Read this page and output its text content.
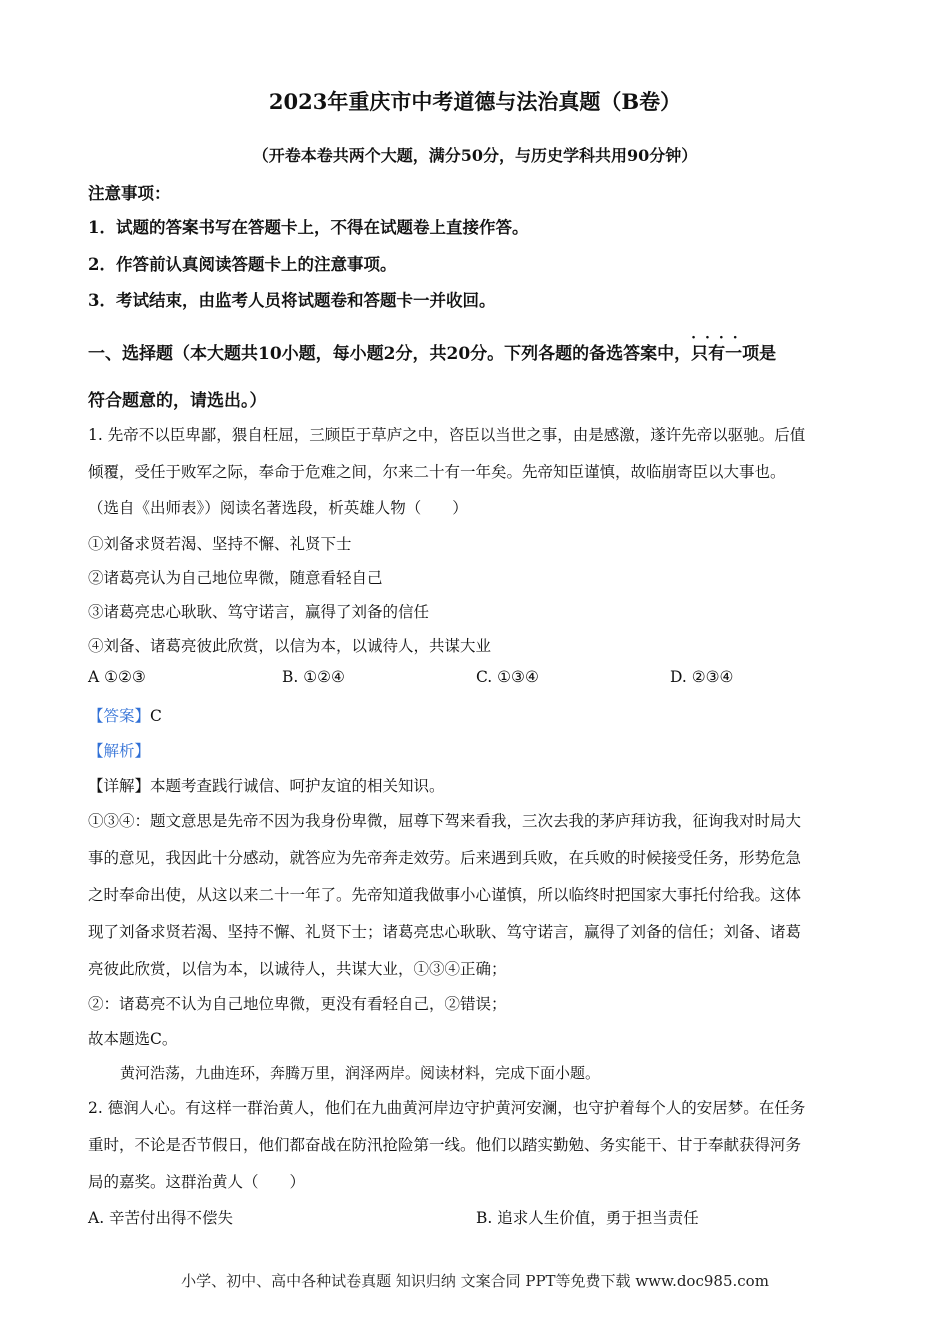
2023年重庆市中考道德与法治真题（B卷）
（开卷本卷共两个大题，满分50分，与历史学科共用90分钟）
注意事项：
1．试题的答案书写在答题卡上，不得在试题卷上直接作答。
2．作答前认真阅读答题卡上的注意事项。
3．考试结束，由监考人员将试题卷和答题卡一并收回。
一、选择题（本大题共10小题，每小题2分，共20分。下列各题的备选答案中，
····
只有一项是
符合题意的，请选出。）
1. 先帝不以臣卑鄙，猥自枉屈，三顾臣于草庐之中，咨臣以当世之事，由是感激，遂许先帝以驱驰。后值
倾覆，受任于败军之际，奉命于危难之间，尔来二十有一年矣。先帝知臣谨慎，故临崩寄臣以大事也。
（选自《出师表》）阅读名著选段，析英雄人物（　　）
①刘备求贤若渴、坚持不懈、礼贤下士
②诸葛亮认为自己地位卑微，随意看轻自己
③诸葛亮忠心耿耿、笃守诺言，赢得了刘备的信任
④刘备、诸葛亮彼此欣赏，以信为本，以诚待人，共谋大业
A ①②③	B. ①②④	C. ①③④	D. ②③④
【答案】C
【解析】
【详解】本题考查践行诚信、呵护友谊的相关知识。
①③④：题文意思是先帝不因为我身份卑微，屈尊下驾来看我，三次去我的茅庐拜访我，征询我对时局大
事的意见，我因此十分感动，就答应为先帝奔走效劳。后来遇到兵败，在兵败的时候接受任务，形势危急
之时奉命出使，从这以来二十一年了。先帝知道我做事小心谨慎，所以临终时把国家大事托付给我。这体
现了刘备求贤若渴、坚持不懈、礼贤下士；诸葛亮忠心耿耿、笃守诺言，赢得了刘备的信任；刘备、诸葛
亮彼此欣赏，以信为本，以诚待人，共谋大业，①③④正确；
②：诸葛亮不认为自己地位卑微，更没有看轻自己，②错误；
故本题选C。
黄河浩荡，九曲连环，奔腾万里，润泽两岸。阅读材料，完成下面小题。
2. 德润人心。有这样一群治黄人，他们在九曲黄河岸边守护黄河安澜，也守护着每个人的安居梦。在任务
重时，不论是否节假日，他们都奋战在防汛抢险第一线。他们以踏实勤勉、务实能干、甘于奉献获得河务
局的嘉奖。这群治黄人（　　）
A. 辛苦付出得不偿失	B. 追求人生价值，勇于担当责任
小学、初中、高中各种试卷真题 知识归纳 文案合同 PPT等免费下载 www.doc985.com
